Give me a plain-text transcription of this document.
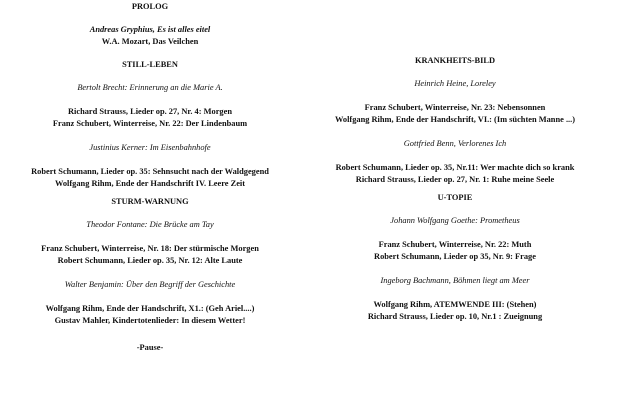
PROLOG
Andreas Gryphius, Es ist alles eitel
W.A. Mozart, Das Veilchen
STILL-LEBEN
Bertolt Brecht: Erinnerung an die Marie A.
Richard Strauss, Lieder op. 27, Nr. 4: Morgen
Franz Schubert, Winterreise, Nr. 22: Der Lindenbaum
Justinius Kerner: Im Eisenbahnhofe
Robert Schumann, Lieder op. 35: Sehnsucht nach der Waldgegend
Wolfgang Rihm, Ende der Handschrift IV. Leere Zeit
STURM-WARNUNG
Theodor Fontane: Die Brücke am Tay
Franz Schubert, Winterreise, Nr. 18: Der stürmische Morgen
Robert Schumann, Lieder op. 35, Nr. 12: Alte Laute
Walter Benjamin: Über den Begriff der Geschichte
Wolfgang Rihm, Ende der Handschrift, X1.: (Geh Ariel....)
Gustav Mahler, Kindertotenlieder: In diesem Wetter!
-Pause-
KRANKHEITS-BILD
Heinrich Heine, Loreley
Franz Schubert, Winterreise, Nr. 23: Nebensonnen
Wolfgang Rihm, Ende der Handschrift, VI.: (Im süchten Manne ...)
Gottfried Benn, Verlorenes Ich
Robert Schumann, Lieder op. 35, Nr.11: Wer machte dich so krank
Richard Strauss, Lieder op. 27, Nr. 1: Ruhe meine Seele
U-TOPIE
Johann Wolfgang Goethe: Prometheus
Franz Schubert, Winterreise, Nr. 22: Muth
Robert Schumann, Lieder op 35, Nr. 9: Frage
Ingeborg Bachmann, Böhmen liegt am Meer
Wolfgang Rihm, ATEMWENDE III: (Stehen)
Richard Strauss, Lieder op. 10, Nr.1 : Zueignung
